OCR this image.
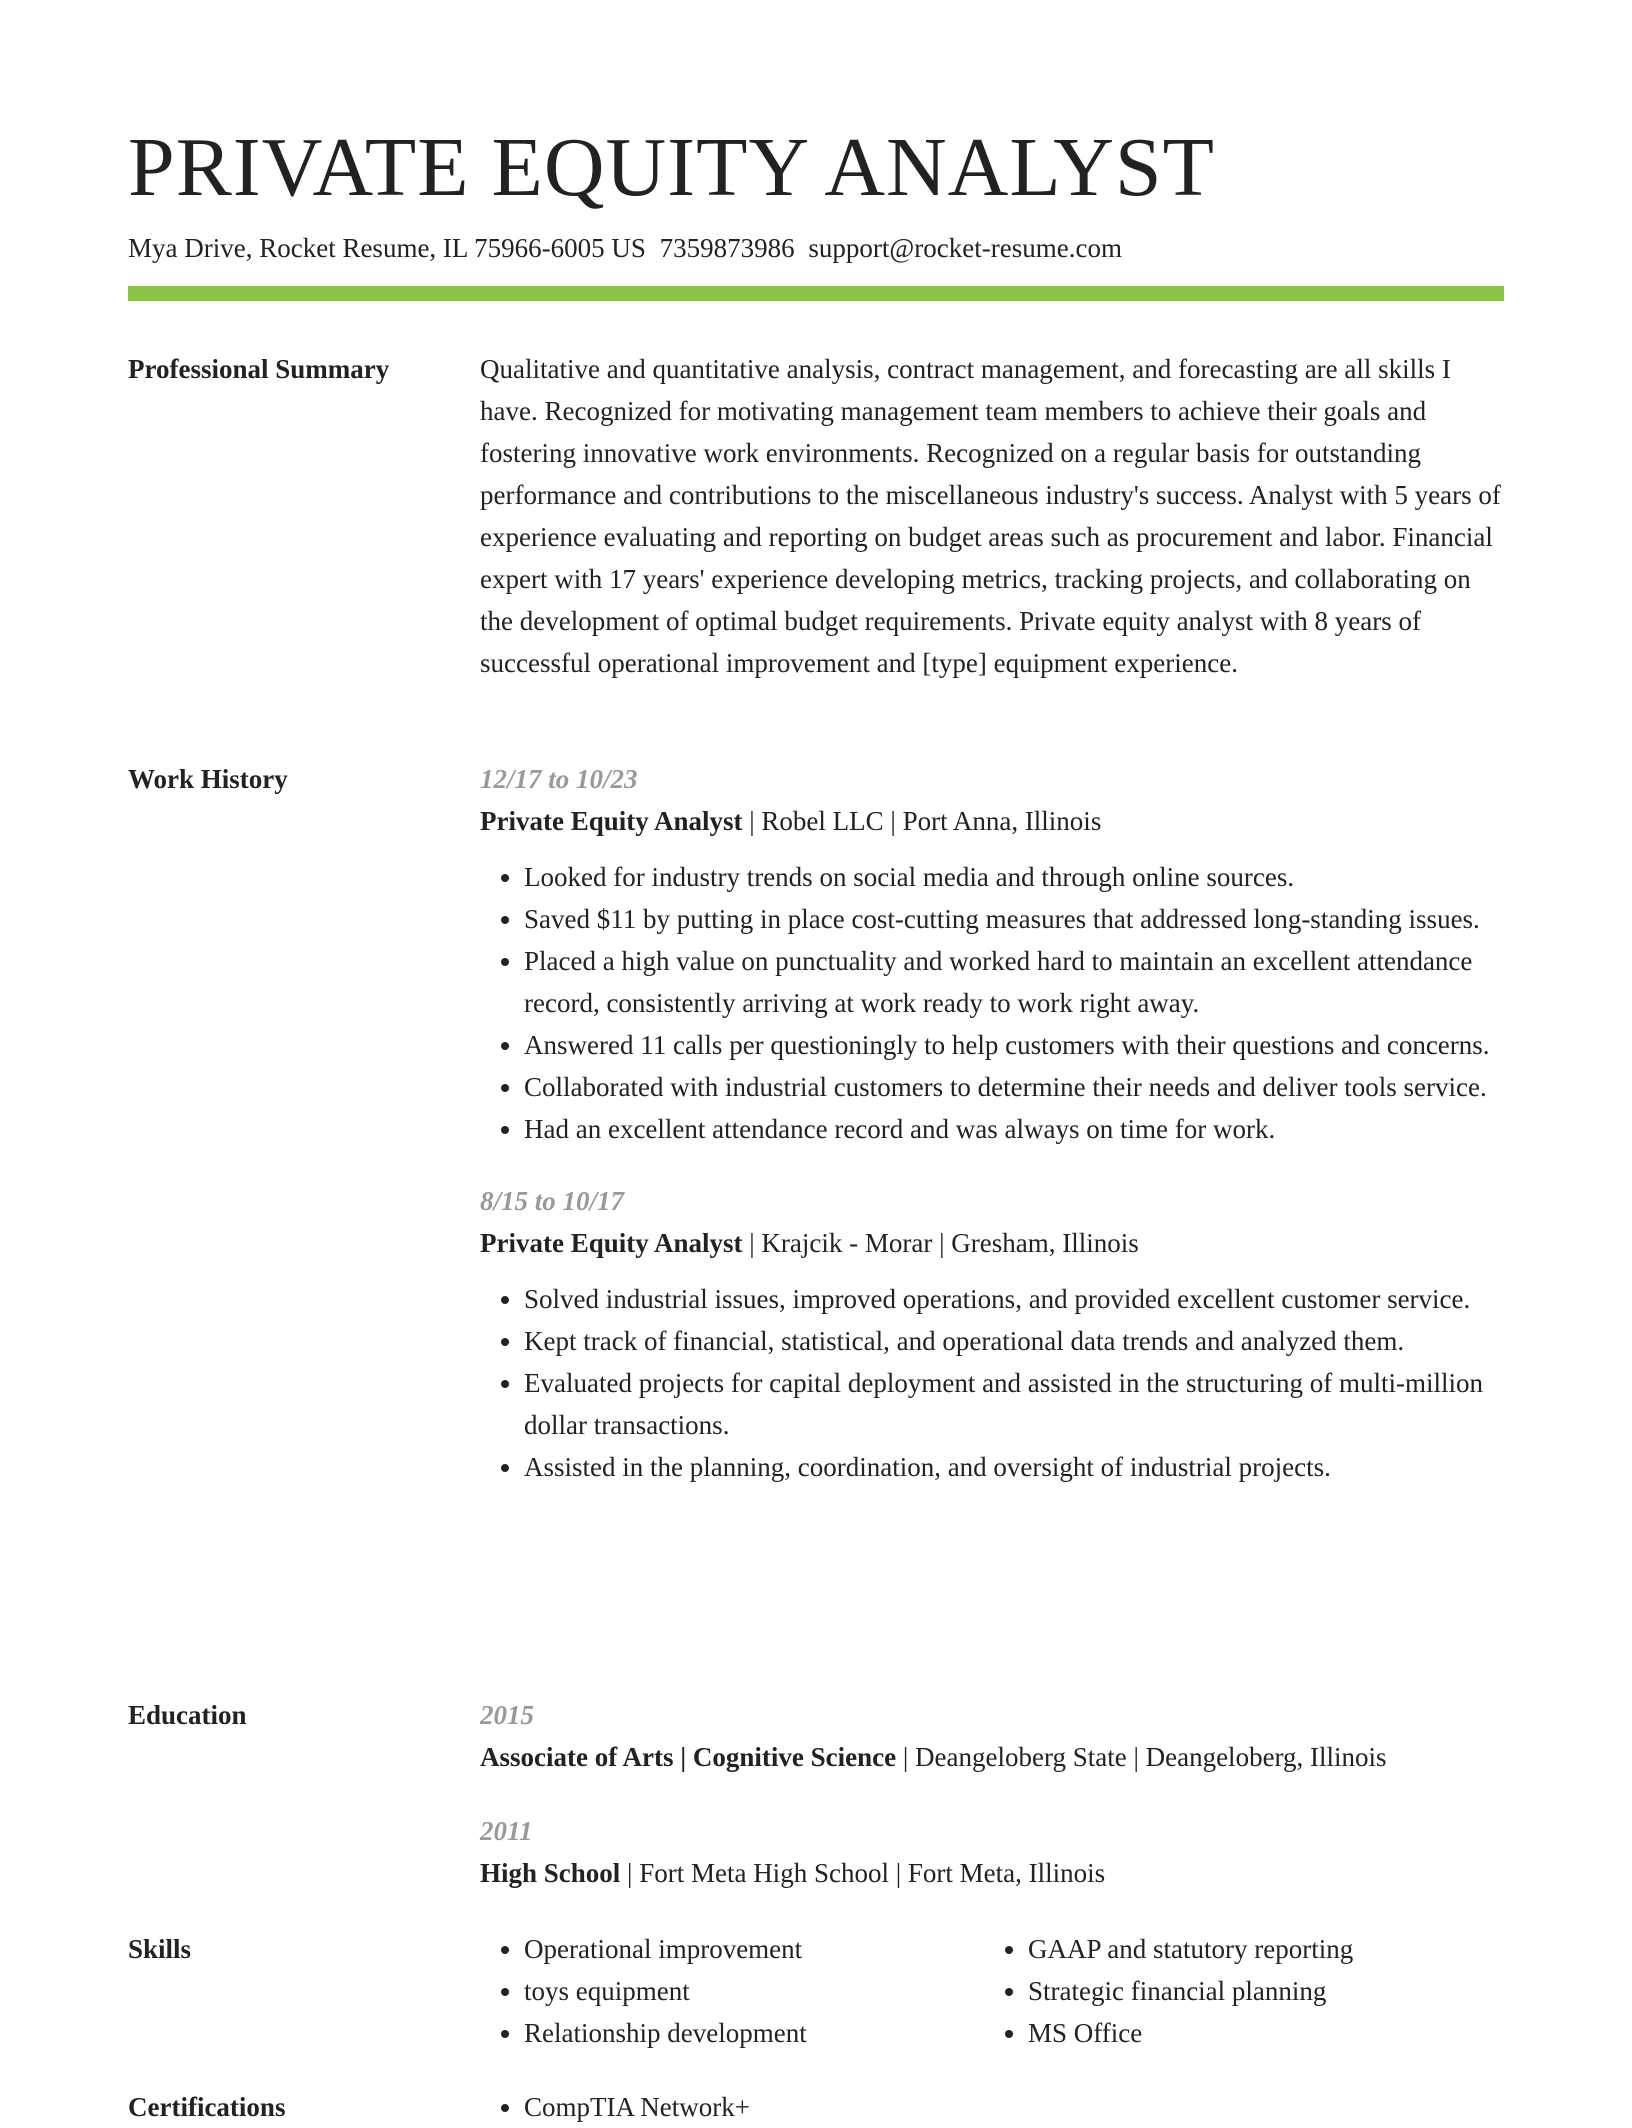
PRIVATE EQUITY ANALYST
Mya Drive, Rocket Resume, IL 75966-6005 US 7359873986 support@rocket-resume.com
Professional Summary	Qualitative and quantitative analysis, contract management, and forecasting are all skills I have. Recognized for motivating management team members to achieve their goals and fostering innovative work environments. Recognized on a regular basis for outstanding performance and contributions to the miscellaneous industry's success. Analyst with 5 years of experience evaluating and reporting on budget areas such as procurement and labor. Financial expert with 17 years' experience developing metrics, tracking projects, and collaborating on the development of optimal budget requirements. Private equity analyst with 8 years of successful operational improvement and [type] equipment experience.
Work History	12/17 to 10/23
Private Equity Analyst | Robel LLC | Port Anna, Illinois
• Looked for industry trends on social media and through online sources.
• Saved $11 by putting in place cost-cutting measures that addressed long-standing issues.
• Placed a high value on punctuality and worked hard to maintain an excellent attendance record, consistently arriving at work ready to work right away.
• Answered 11 calls per questioningly to help customers with their questions and concerns.
• Collaborated with industrial customers to determine their needs and deliver tools service.
• Had an excellent attendance record and was always on time for work.
8/15 to 10/17
Private Equity Analyst | Krajcik - Morar | Gresham, Illinois
• Solved industrial issues, improved operations, and provided excellent customer service.
• Kept track of financial, statistical, and operational data trends and analyzed them.
• Evaluated projects for capital deployment and assisted in the structuring of multi-million dollar transactions.
• Assisted in the planning, coordination, and oversight of industrial projects.
Education	2015
Associate of Arts | Cognitive Science | Deangeloberg State | Deangeloberg, Illinois
2011
High School | Fort Meta High School | Fort Meta, Illinois
Skills	• Operational improvement
• toys equipment
• Relationship development
• GAAP and statutory reporting
• Strategic financial planning
• MS Office
Certifications	• CompTIA Network+
